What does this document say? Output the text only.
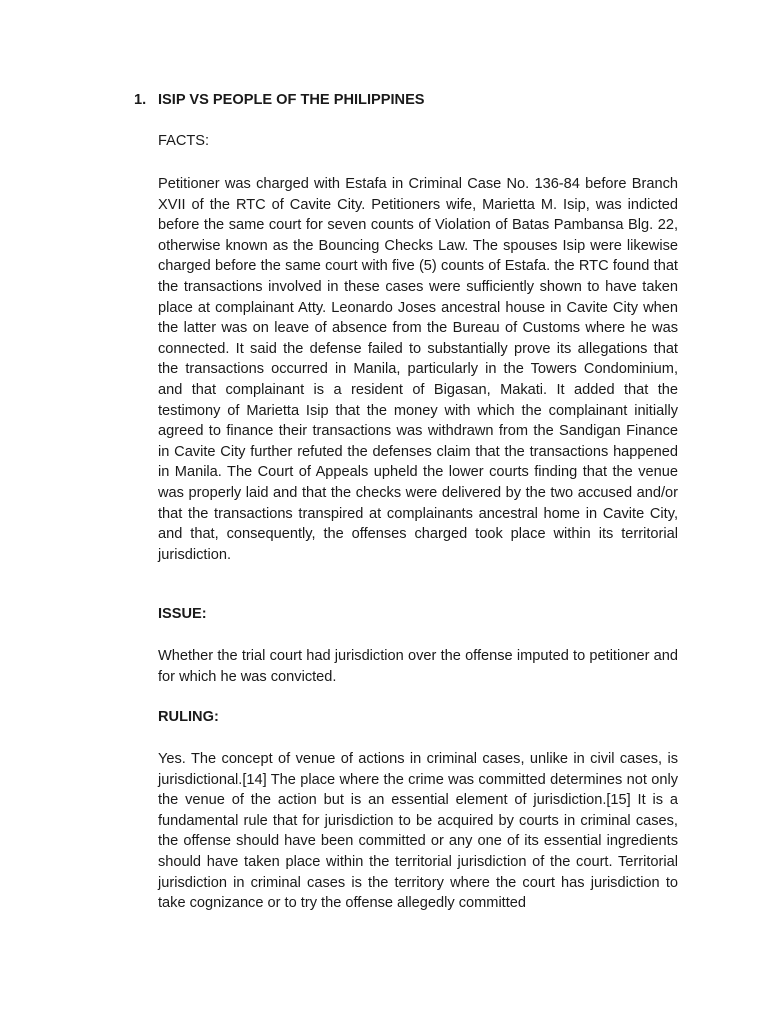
1. ISIP VS PEOPLE OF THE PHILIPPINES
FACTS:
Petitioner was charged with Estafa in Criminal Case No. 136-84 before Branch XVII of the RTC of Cavite City. Petitioners wife, Marietta M. Isip, was indicted before the same court for seven counts of Violation of Batas Pambansa Blg. 22, otherwise known as the Bouncing Checks Law. The spouses Isip were likewise charged before the same court with five (5) counts of Estafa. the RTC found that the transactions involved in these cases were sufficiently shown to have taken place at complainant Atty. Leonardo Joses ancestral house in Cavite City when the latter was on leave of absence from the Bureau of Customs where he was connected. It said the defense failed to substantially prove its allegations that the transactions occurred in Manila, particularly in the Towers Condominium, and that complainant is a resident of Bigasan, Makati. It added that the testimony of Marietta Isip that the money with which the complainant initially agreed to finance their transactions was withdrawn from the Sandigan Finance in Cavite City further refuted the defenses claim that the transactions happened in Manila. The Court of Appeals upheld the lower courts finding that the venue was properly laid and that the checks were delivered by the two accused and/or that the transactions transpired at complainants ancestral home in Cavite City, and that, consequently, the offenses charged took place within its territorial jurisdiction.
ISSUE:
Whether the trial court had jurisdiction over the offense imputed to petitioner and for which he was convicted.
RULING:
Yes. The concept of venue of actions in criminal cases, unlike in civil cases, is jurisdictional.[14] The place where the crime was committed determines not only the venue of the action but is an essential element of jurisdiction.[15] It is a fundamental rule that for jurisdiction to be acquired by courts in criminal cases, the offense should have been committed or any one of its essential ingredients should have taken place within the territorial jurisdiction of the court. Territorial jurisdiction in criminal cases is the territory where the court has jurisdiction to take cognizance or to try the offense allegedly committed
